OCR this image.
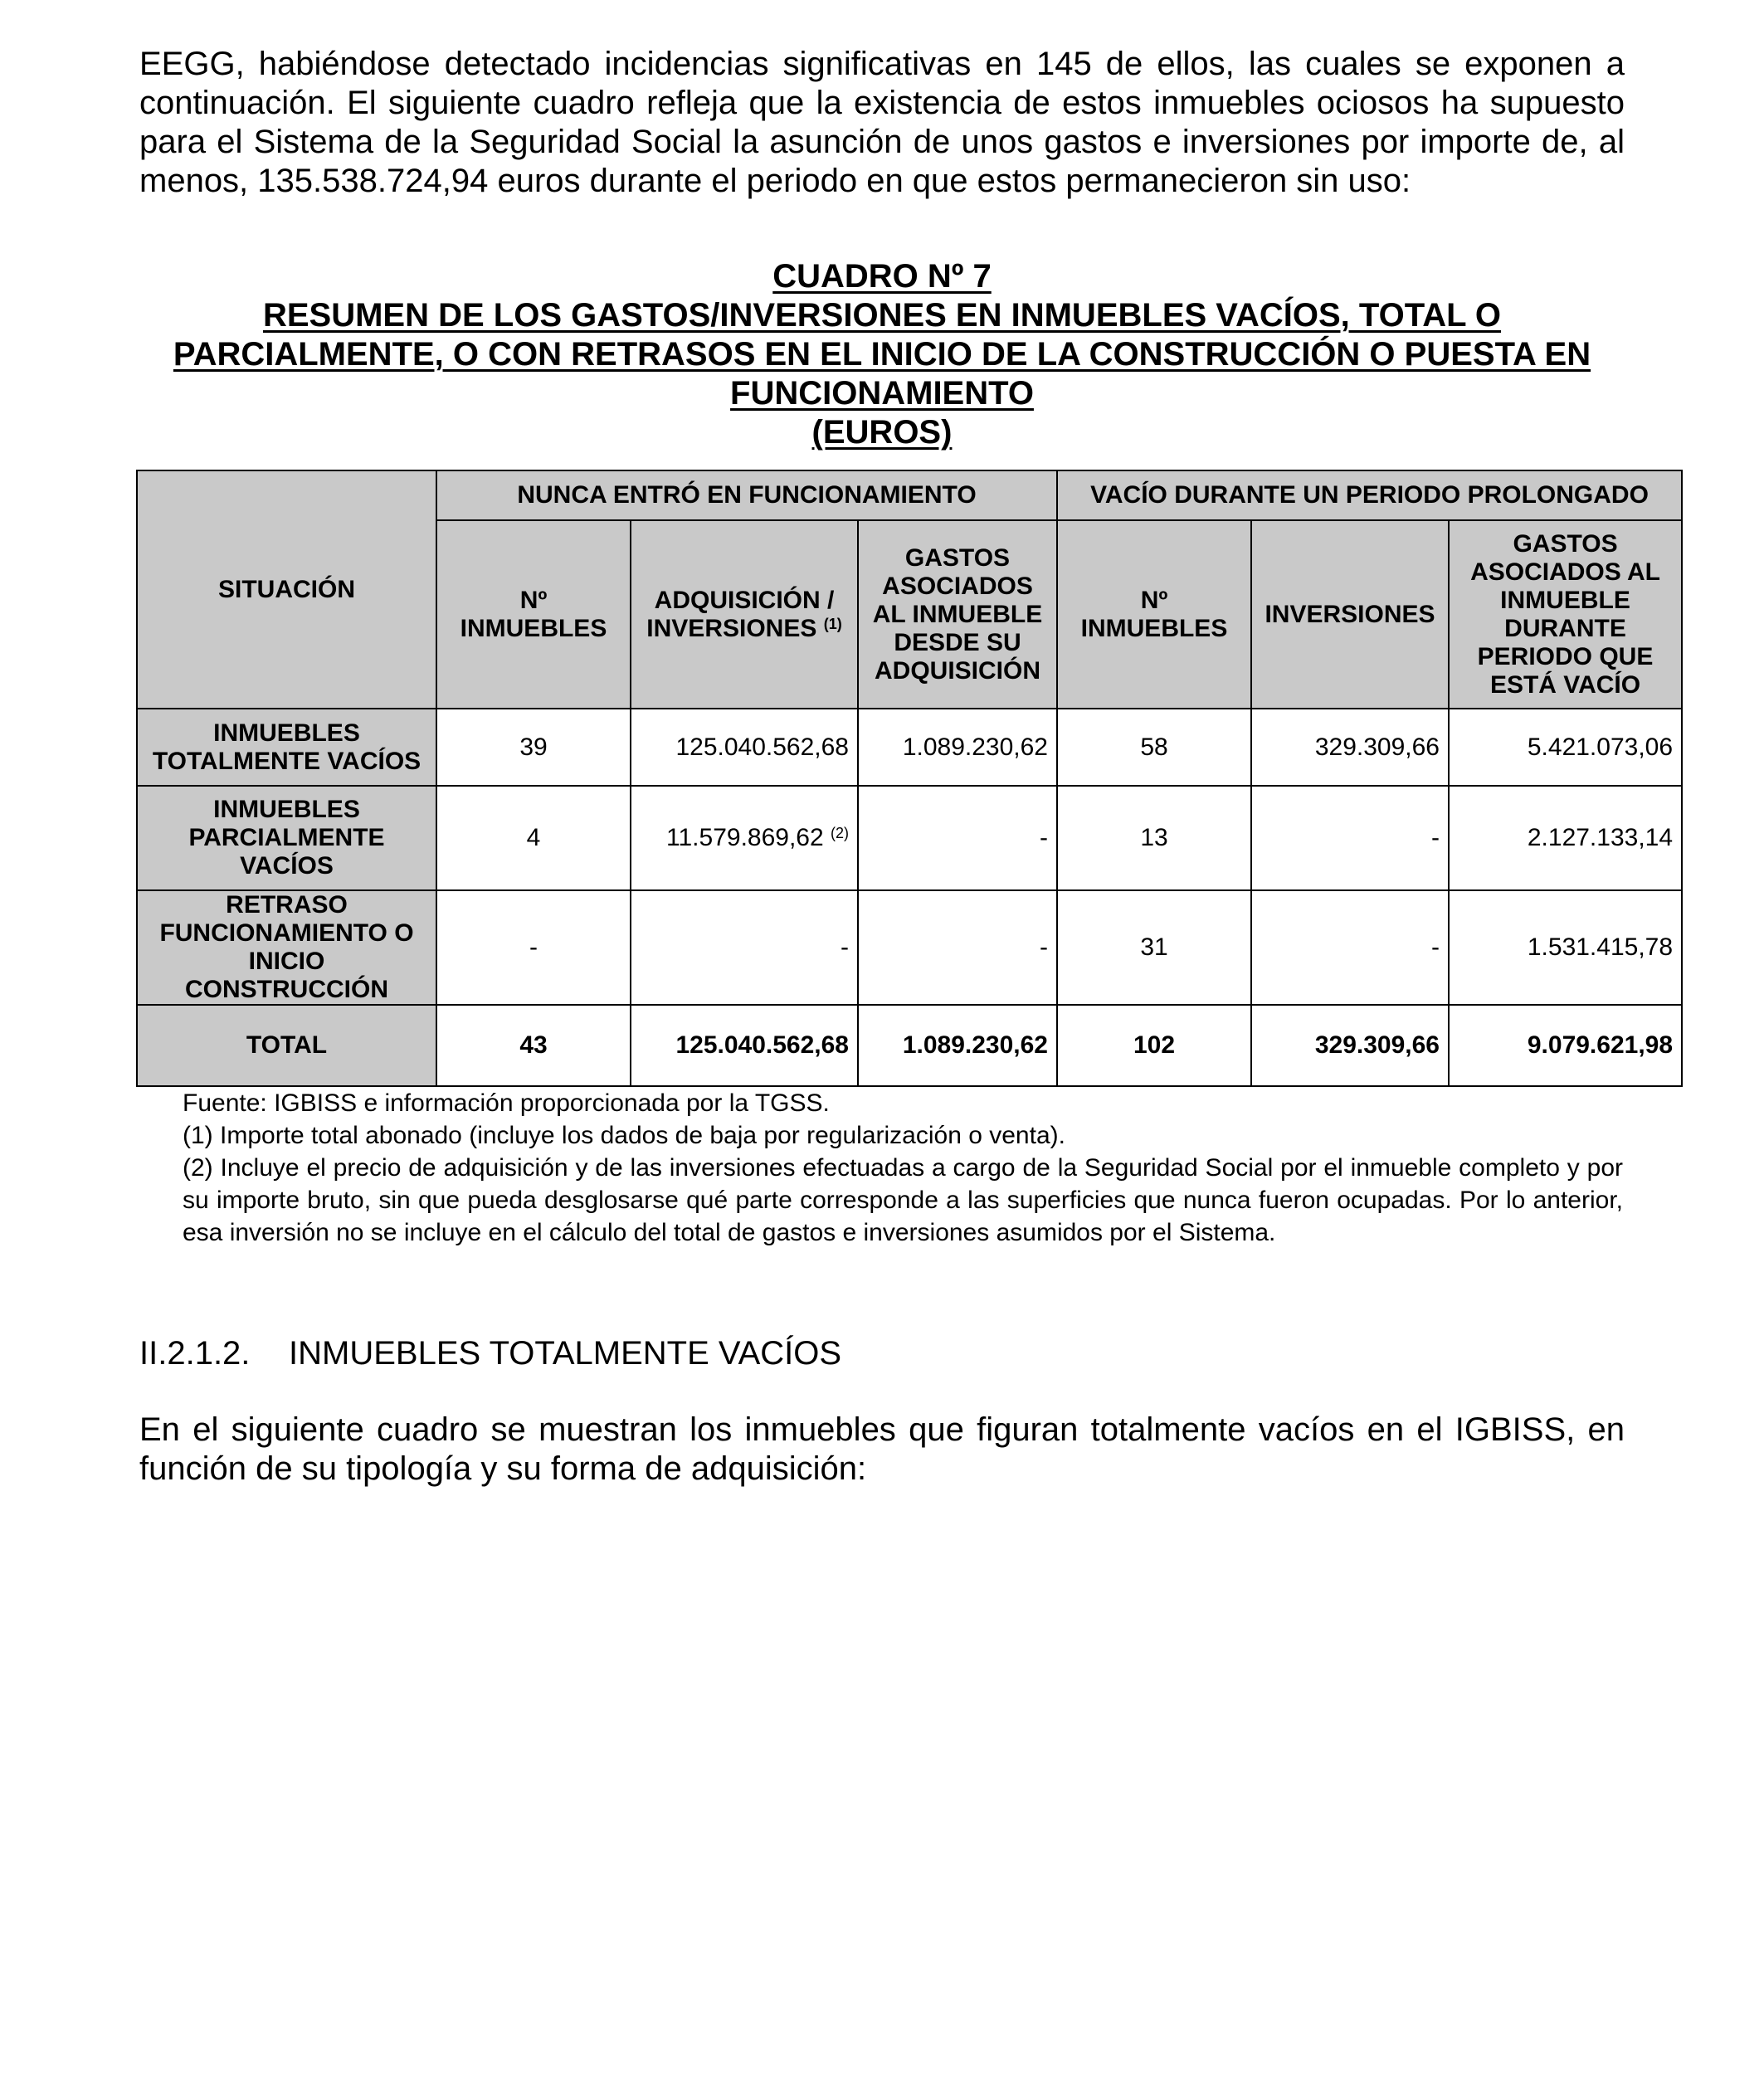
EEGG, habiéndose detectado incidencias significativas en 145 de ellos, las cuales se exponen a continuación. El siguiente cuadro refleja que la existencia de estos inmuebles ociosos ha supuesto para el Sistema de la Seguridad Social la asunción de unos gastos e inversiones por importe de, al menos, 135.538.724,94 euros durante el periodo en que estos permanecieron sin uso:

CUADRO Nº 7
RESUMEN DE LOS GASTOS/INVERSIONES EN INMUEBLES VACÍOS, TOTAL O
PARCIALMENTE, O CON RETRASOS EN EL INICIO DE LA CONSTRUCCIÓN O PUESTA EN
FUNCIONAMIENTO
(EUROS)
SITUACIÓN	NUNCA ENTRÓ EN FUNCIONAMIENTO			VACÍO DURANTE UN PERIODO PROLONGADO		
	Nº INMUEBLES	ADQUISICIÓN / INVERSIONES $^{(1)}$	GASTOS ASOCIADOS AL INMUEBLE DESDE SU ADQUISICIÓN	Nº INMUEBLES	INVERSIONES	GASTOS ASOCIADOS AL INMUEBLE DURANTE PERIODO QUE ESTÁ VACÍO
INMUEBLES TOTALMENTE VACÍOS	39	125.040.562,68	1.089.230,62	58	329.309,66	5.421.073,06
INMUEBLES PARCIALMENTE VACÍOS	4	11.579.869,62 $^{(2)}$	-	13	-	2.127.133,14
RETRASO FUNCIONAMIENTO O INICIO CONSTRUCCIÓN	-	-	-	31	-	1.531.415,78
TOTAL	43	125.040.562,68	1.089.230,62	102	329.309,66	9.079.621,98
Fuente: IGBISS e información proporcionada por la TGSS.
(1) Importe total abonado (incluye los dados de baja por regularización o venta).
(2) Incluye el precio de adquisición y de las inversiones efectuadas a cargo de la Seguridad Social por el inmueble completo y por su importe bruto, sin que pueda desglosarse qué parte corresponde a las superficies que nunca fueron ocupadas. Por lo anterior, esa inversión no se incluye en el cálculo del total de gastos e inversiones asumidos por el Sistema.
II.2.1.2. INMUEBLES TOTALMENTE VACÍOS

En el siguiente cuadro se muestran los inmuebles que figuran totalmente vacíos en el IGBISS, en función de su tipología y su forma de adquisición:
